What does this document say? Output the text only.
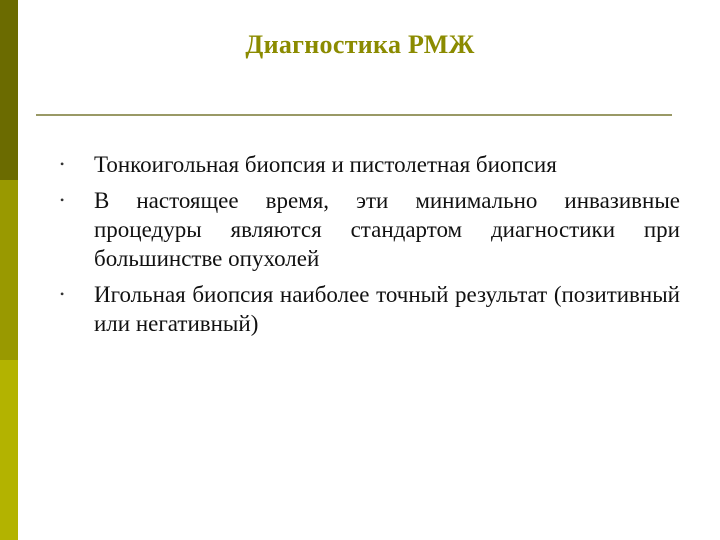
Диагностика РМЖ
• Тонкоигольная биопсия и пистолетная биопсия
• В настоящее время, эти минимально инвазивные процедуры являются стандартом диагностики при большинстве опухолей
• Игольная биопсия наиболее точный результат (позитивный или негативный)
